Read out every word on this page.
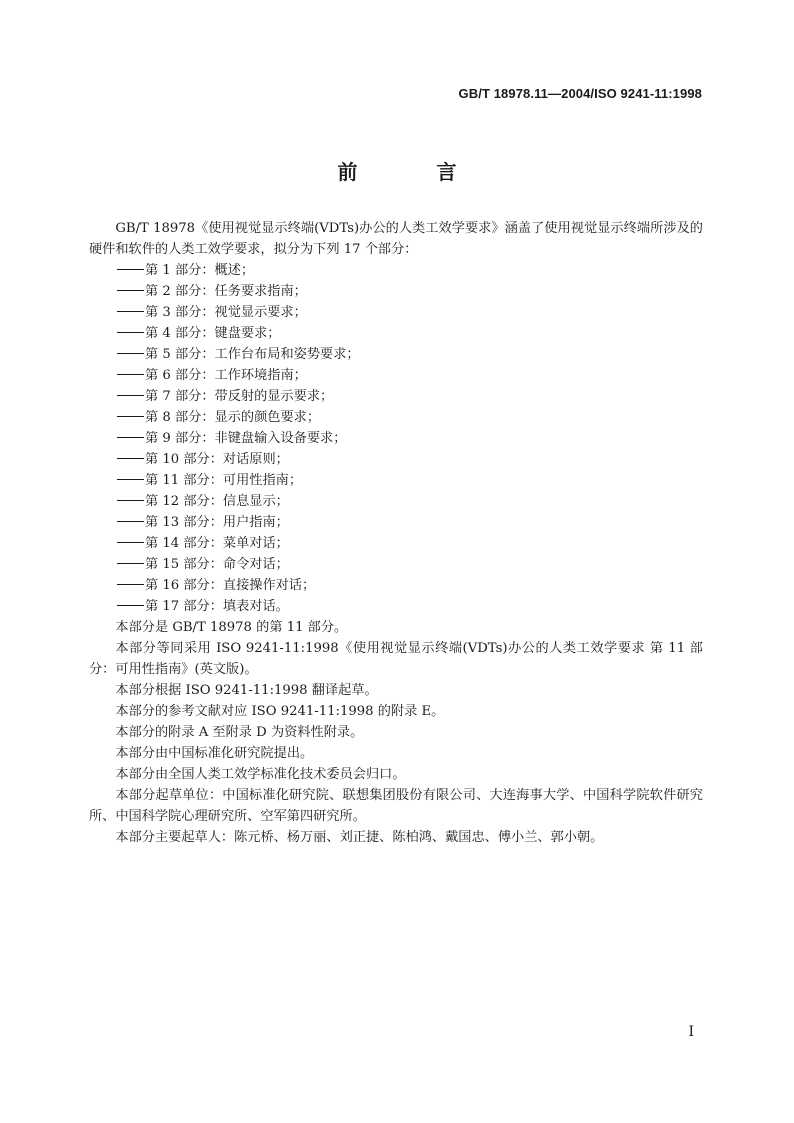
GB/T 18978.11—2004/ISO 9241-11:1998
前 言

GB/T 18978《使用视觉显示终端(VDTs)办公的人类工效学要求》涵盖了使用视觉显示终端所涉及的硬件和软件的人类工效学要求，拟分为下列 17 个部分：

第 1 部分：概述；

第 2 部分：任务要求指南；

第 3 部分：视觉显示要求；

第 4 部分：键盘要求；

第 5 部分：工作台布局和姿势要求；

第 6 部分：工作环境指南；

第 7 部分：带反射的显示要求；

第 8 部分：显示的颜色要求；

第 9 部分：非键盘输入设备要求；

第 10 部分：对话原则；

第 11 部分：可用性指南；

第 12 部分：信息显示；

第 13 部分：用户指南；

第 14 部分：菜单对话；

第 15 部分：命令对话；

第 16 部分：直接操作对话；

第 17 部分：填表对话。

本部分是 GB/T 18978 的第 11 部分。

本部分等同采用 ISO 9241-11:1998《使用视觉显示终端(VDTs)办公的人类工效学要求 第 11 部分：可用性指南》(英文版)。

本部分根据 ISO 9241-11:1998 翻译起草。

本部分的参考文献对应 ISO 9241-11:1998 的附录 E。

本部分的附录 A 至附录 D 为资料性附录。

本部分由中国标准化研究院提出。

本部分由全国人类工效学标准化技术委员会归口。

本部分起草单位：中国标准化研究院、联想集团股份有限公司、大连海事大学、中国科学院软件研究所、中国科学院心理研究所、空军第四研究所。

本部分主要起草人：陈元桥、杨万丽、刘正捷、陈柏鸿、戴国忠、傅小兰、郭小朝。

I
